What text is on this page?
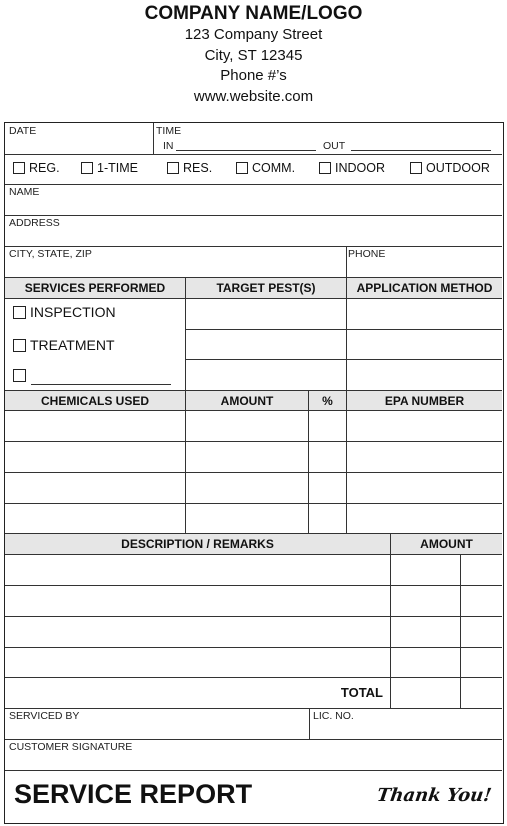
COMPANY NAME/LOGO
123 Company Street
City, ST 12345
Phone #’s
www.website.com
DATE	TIME
IN	OUT
REG.	1-TIME	RES.	COMM.	INDOOR	OUTDOOR
NAME
ADDRESS
CITY, STATE, ZIP	PHONE
SERVICES PERFORMED	TARGET PEST(S)	APPLICATION METHOD
INSPECTION
TREATMENT
CHEMICALS USED	AMOUNT	%	EPA NUMBER
DESCRIPTION / REMARKS	AMOUNT
TOTAL
SERVICED BY	LIC. NO.
CUSTOMER SIGNATURE
SERVICE REPORT	Thank You!
